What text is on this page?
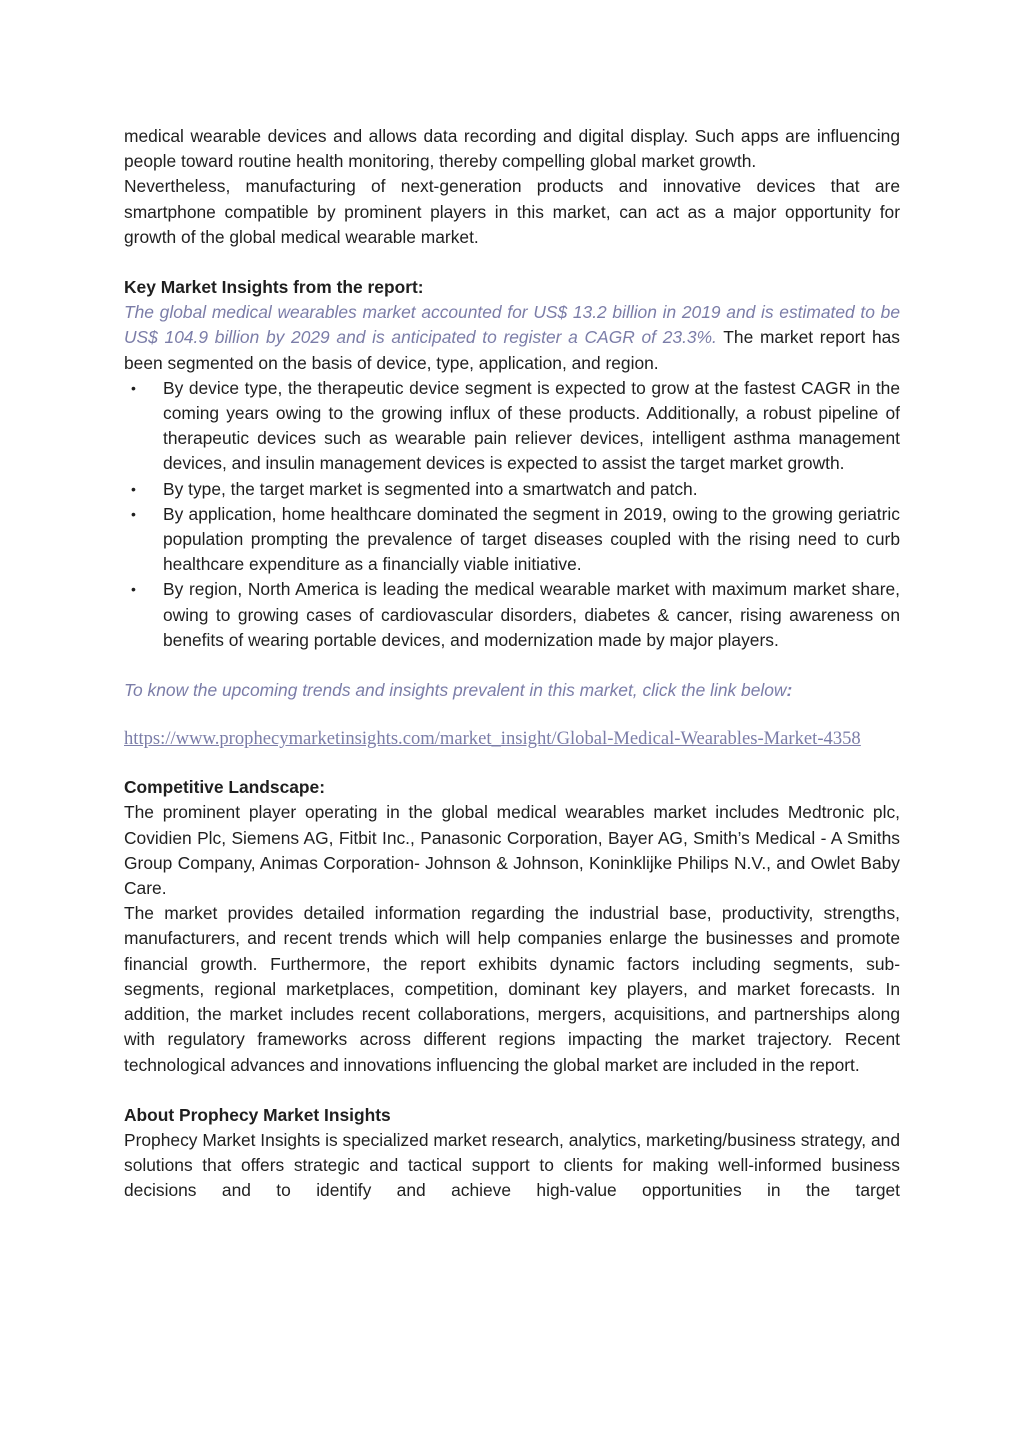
medical wearable devices and allows data recording and digital display. Such apps are influencing people toward routine health monitoring, thereby compelling global market growth.

Nevertheless, manufacturing of next-generation products and innovative devices that are smartphone compatible by prominent players in this market, can act as a major opportunity for growth of the global medical wearable market.

Key Market Insights from the report:

The global medical wearables market accounted for US$ 13.2 billion in 2019 and is estimated to be US$ 104.9 billion by 2029 and is anticipated to register a CAGR of 23.3%. The market report has been segmented on the basis of device, type, application, and region.

• By device type, the therapeutic device segment is expected to grow at the fastest CAGR in the coming years owing to the growing influx of these products. Additionally, a robust pipeline of therapeutic devices such as wearable pain reliever devices, intelligent asthma management devices, and insulin management devices is expected to assist the target market growth.
• By type, the target market is segmented into a smartwatch and patch.
• By application, home healthcare dominated the segment in 2019, owing to the growing geriatric population prompting the prevalence of target diseases coupled with the rising need to curb healthcare expenditure as a financially viable initiative.
• By region, North America is leading the medical wearable market with maximum market share, owing to growing cases of cardiovascular disorders, diabetes & cancer, rising awareness on benefits of wearing portable devices, and modernization made by major players.

To know the upcoming trends and insights prevalent in this market, click the link below:

https://www.prophecymarketinsights.com/market_insight/Global-Medical-Wearables-Market-4358

Competitive Landscape:

The prominent player operating in the global medical wearables market includes Medtronic plc, Covidien Plc, Siemens AG, Fitbit Inc., Panasonic Corporation, Bayer AG, Smith’s Medical - A Smiths Group Company, Animas Corporation- Johnson & Johnson, Koninklijke Philips N.V., and Owlet Baby Care.

The market provides detailed information regarding the industrial base, productivity, strengths, manufacturers, and recent trends which will help companies enlarge the businesses and promote financial growth. Furthermore, the report exhibits dynamic factors including segments, sub-segments, regional marketplaces, competition, dominant key players, and market forecasts. In addition, the market includes recent collaborations, mergers, acquisitions, and partnerships along with regulatory frameworks across different regions impacting the market trajectory. Recent technological advances and innovations influencing the global market are included in the report.

About Prophecy Market Insights

Prophecy Market Insights is specialized market research, analytics, marketing/business strategy, and solutions that offers strategic and tactical support to clients for making well-informed business decisions and to identify and achieve high-value opportunities in the target
